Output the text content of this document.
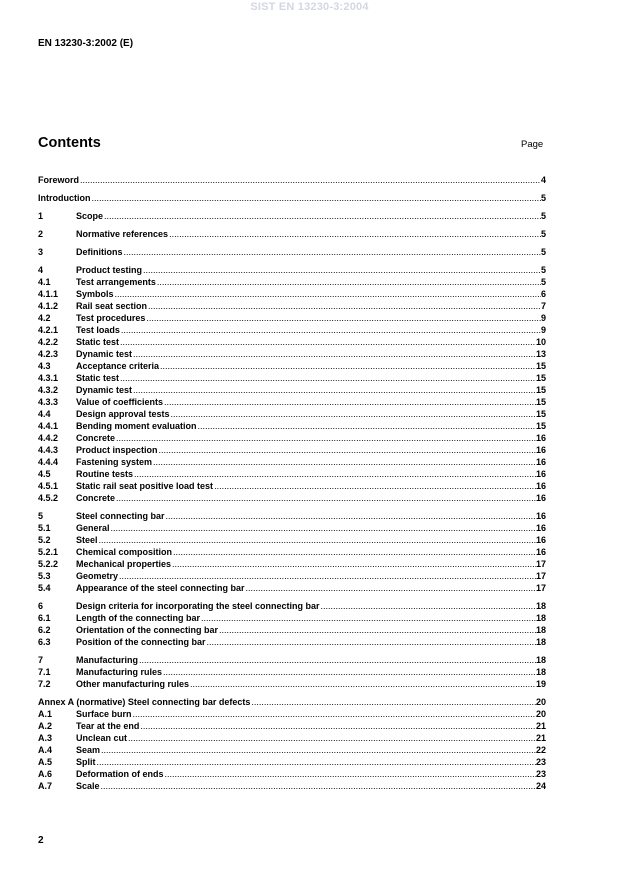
SIST EN 13230-3:2004
EN 13230-3:2002 (E)
Contents	Page
Foreword .....	4
Introduction .....	5
1	Scope .....	5
2	Normative references .....	5
3	Definitions .....	5
4	Product testing .....	5
4.1	Test arrangements .....	5
4.1.1	Symbols .....	6
4.1.2	Rail seat section .....	7
4.2	Test procedures .....	9
4.2.1	Test loads .....	9
4.2.2	Static test .....	10
4.2.3	Dynamic test .....	13
4.3	Acceptance criteria .....	15
4.3.1	Static test .....	15
4.3.2	Dynamic test .....	15
4.3.3	Value of coefficients .....	15
4.4	Design approval tests .....	15
4.4.1	Bending moment evaluation .....	15
4.4.2	Concrete .....	16
4.4.3	Product inspection .....	16
4.4.4	Fastening system .....	16
4.5	Routine tests .....	16
4.5.1	Static rail seat positive load test .....	16
4.5.2	Concrete .....	16
5	Steel connecting bar .....	16
5.1	General .....	16
5.2	Steel .....	16
5.2.1	Chemical composition .....	16
5.2.2	Mechanical properties .....	17
5.3	Geometry .....	17
5.4	Appearance of the steel connecting bar .....	17
6	Design criteria for incorporating the steel connecting bar .....	18
6.1	Length of the connecting bar .....	18
6.2	Orientation of the connecting bar .....	18
6.3	Position of the connecting bar .....	18
7	Manufacturing .....	18
7.1	Manufacturing rules .....	18
7.2	Other manufacturing rules .....	19
Annex A (normative) Steel connecting bar defects .....	20
A.1	Surface burn .....	20
A.2	Tear at the end .....	21
A.3	Unclean cut .....	21
A.4	Seam .....	22
A.5	Split .....	23
A.6	Deformation of ends .....	23
A.7	Scale .....	24
2
